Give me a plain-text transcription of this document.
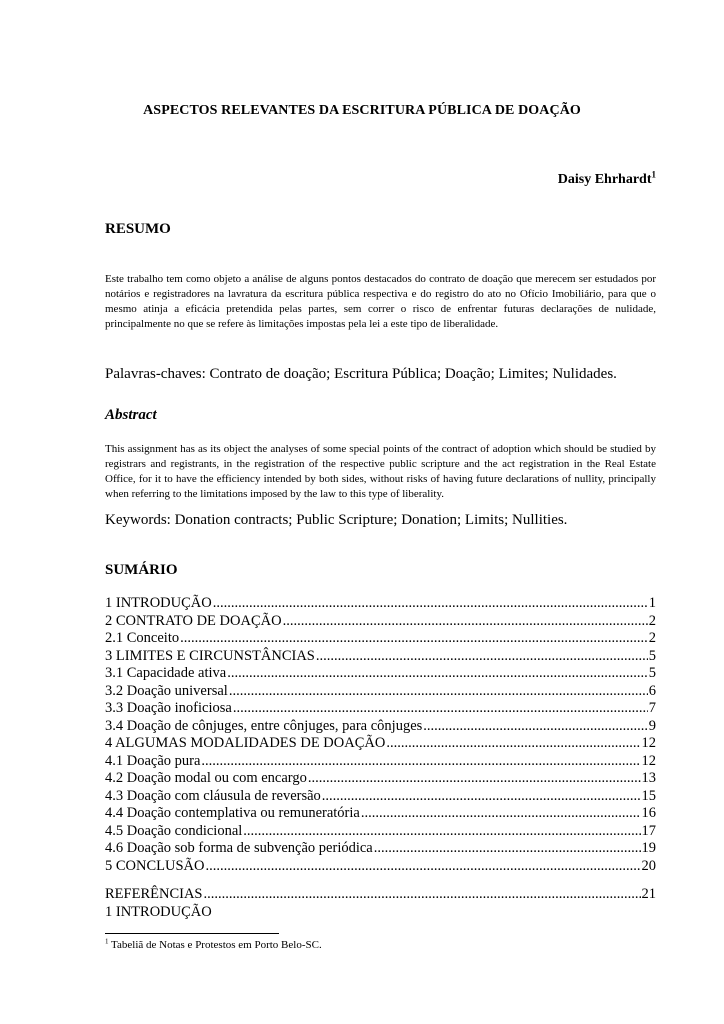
ASPECTOS RELEVANTES DA ESCRITURA PÚBLICA DE DOAÇÃO
Daisy Ehrhardt$^1$
RESUMO
Este trabalho tem como objeto a análise de alguns pontos destacados do contrato de doação que merecem ser estudados por notários e registradores na lavratura da escritura pública respectiva e do registro do ato no Ofício Imobiliário, para que o mesmo atinja a eficácia pretendida pelas partes, sem correr o risco de enfrentar futuras declarações de nulidade, principalmente no que se refere às limitações impostas pela lei a este tipo de liberalidade.
Palavras-chaves: Contrato de doação; Escritura Pública; Doação; Limites; Nulidades.
Abstract
This assignment has as its object the analyses of some special points of the contract of adoption which should be studied by registrars and registrants, in the registration of the respective public scripture and the act registration in the Real Estate Office, for it to have the efficiency intended by both sides, without risks of having future declarations of nullity, principally when referring to the limitations imposed by the law to this type of liberality.
Keywords: Donation contracts; Public Scripture; Donation; Limits; Nullities.
SUMÁRIO
1 INTRODUÇÃO .....	1
2 CONTRATO DE DOAÇÃO .....	2
2.1 Conceito .....	2
3 LIMITES E CIRCUNSTÂNCIAS .....	5
3.1 Capacidade ativa .....	5
3.2 Doação universal .....	6
3.3 Doação inoficiosa .....	7
3.4 Doação de cônjuges, entre cônjuges, para cônjuges .....	9
4 ALGUMAS MODALIDADES DE DOAÇÃO .....	12
4.1 Doação pura .....	12
4.2 Doação modal ou com encargo .....	13
4.3 Doação com cláusula de reversão .....	15
4.4 Doação contemplativa ou remuneratória .....	16
4.5 Doação condicional .....	17
4.6 Doação sob forma de subvenção periódica .....	19
5 CONCLUSÃO .....	20
REFERÊNCIAS .....	21
1 INTRODUÇÃO
$^1$ Tabeliã de Notas e Protestos em Porto Belo-SC.
